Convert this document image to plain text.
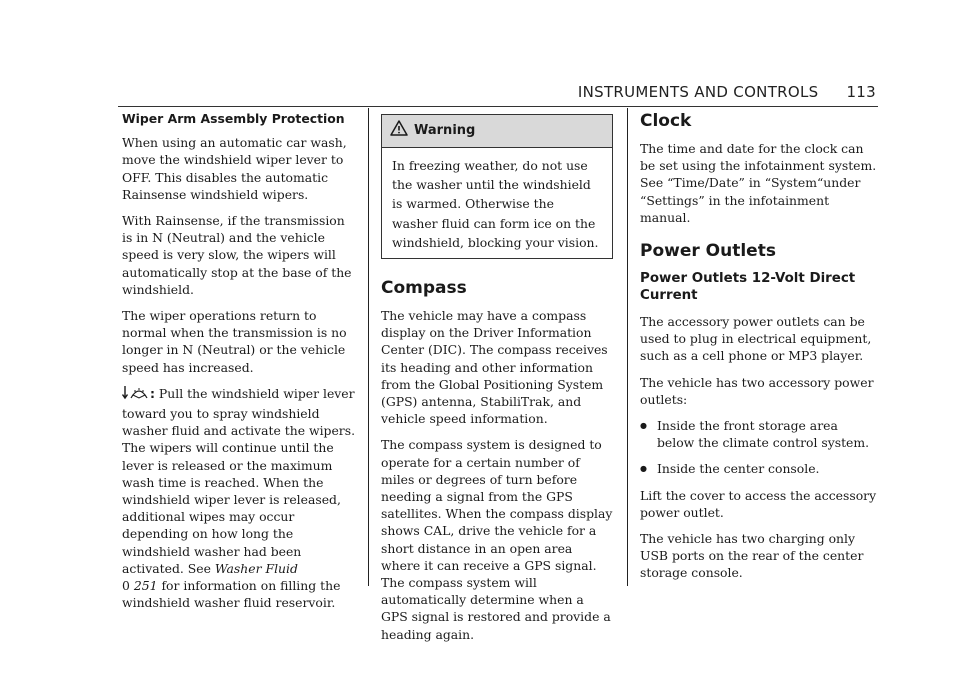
INSTRUMENTS AND CONTROLS 113
Wiper Arm Assembly Protection

When using an automatic car wash, move the windshield wiper lever to OFF. This disables the automatic Rainsense windshield wipers.

With Rainsense, if the transmission is in N (Neutral) and the vehicle speed is very slow, the wipers will automatically stop at the base of the windshield.

The wiper operations return to normal when the transmission is no longer in N (Neutral) or the vehicle speed has increased.

: Pull the windshield wiper lever toward you to spray windshield washer fluid and activate the wipers. The wipers will continue until the lever is released or the maximum wash time is reached. When the windshield wiper lever is released, additional wipes may occur depending on how long the windshield washer had been activated. See Washer Fluid
0 251 for information on filling the windshield washer fluid reservoir.

Warning
In freezing weather, do not use the washer until the windshield is warmed. Otherwise the washer fluid can form ice on the windshield, blocking your vision.
Compass

The vehicle may have a compass display on the Driver Information Center (DIC). The compass receives its heading and other information from the Global Positioning System (GPS) antenna, StabiliTrak, and vehicle speed information.

The compass system is designed to operate for a certain number of miles or degrees of turn before needing a signal from the GPS satellites. When the compass display shows CAL, drive the vehicle for a short distance in an open area where it can receive a GPS signal. The compass system will automatically determine when a GPS signal is restored and provide a heading again.

Clock

The time and date for the clock can be set using the infotainment system. See “Time/Date” in “System“under “Settings” in the infotainment manual.

Power Outlets
Power Outlets 12-Volt Direct Current

The accessory power outlets can be used to plug in electrical equipment, such as a cell phone or MP3 player.

The vehicle has two accessory power outlets:

● Inside the front storage area below the climate control system.
● Inside the center console.

Lift the cover to access the accessory power outlet.

The vehicle has two charging only USB ports on the rear of the center storage console.
